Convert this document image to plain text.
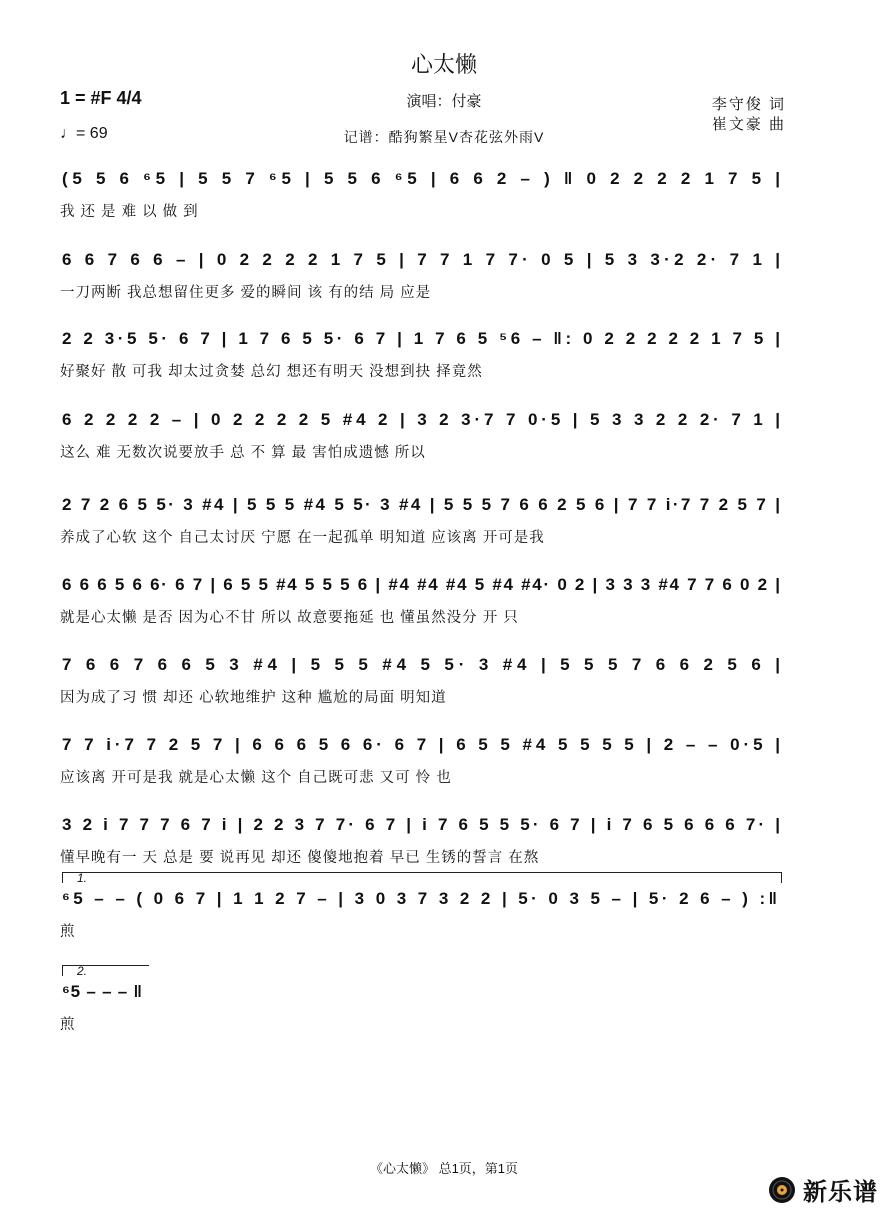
心太懒
演唱：付豪
1 = #F 4/4
♩= 69	记谱：酷狗繁星V杏花弦外雨V
李守俊 词
崔文豪 曲
(5 5 6 ⁶5 | 5 5 7 ⁶5 | 5 5 6 ⁶5 | 6 6 2 – ) ‖ 0 2 2 2 2 1 7 5 |
我 还 是 难 以 做 到
6 6 7 6 6 – | 0 2 2 2 2 1 7 5 | 7 7 1 7 7· 0 5 | 5 3 3·2 2· 7 1 |
一刀两断 我总想留住更多 爱的瞬间 该 有的结 局 应是
2 2 3·5 5· 6 7 | 1 7 6 5 5· 6 7 | 1 7 6 5 ⁵6 – ‖: 0 2 2 2 2 2 1 7 5 |
好聚好 散 可我 却太过贪婪 总幻 想还有明天 没想到抉 择竟然
6 2 2 2 2 – | 0 2 2 2 2 5 #4 2 | 3 2 3·7 7 0·5 | 5 3 3 2 2 2· 7 1 |
这么 难 无数次说要放手 总 不 算 最 害怕成遗憾 所以
2 7 2 6 5 5· 3 #4 | 5 5 5 #4 5 5· 3 #4 | 5 5 5 7 6 6 2 5 6 | 7 7 i·7 7 2 5 7 |
养成了心软 这个 自己太讨厌 宁愿 在一起孤单 明知道 应该离 开可是我
6 6 6 5 6 6· 6 7 | 6 5 5 #4 5 5 5 6 | #4 #4 #4 5 #4 #4· 0 2 | 3 3 3 #4 7 7 6 0 2 |
就是心太懒 是否 因为心不甘 所以 故意要拖延 也 懂虽然没分 开 只
7 6 6 7 6 6 5 3 #4 | 5 5 5 #4 5 5· 3 #4 | 5 5 5 7 6 6 2 5 6 |
因为成了习 惯 却还 心软地维护 这种 尴尬的局面 明知道
7 7 i·7 7 2 5 7 | 6 6 6 5 6 6· 6 7 | 6 5 5 #4 5 5 5 5 | 2 – – 0·5 |
应该离 开可是我 就是心太懒 这个 自己既可悲 又可 怜 也
3 2 i 7 7 7 6 7 i | 2 2 3 7 7· 6 7 | i 7 6 5 5 5· 6 7 | i 7 6 5 6 6 6 7· |
懂早晚有一 天 总是 要 说再见 却还 傻傻地抱着 早已 生锈的誓言 在熬
1.
⁶5 – – ( 0 6 7 | 1 1 2 7 – | 3 0 3 7 3 2 2 | 5· 0 3 5 – | 5· 2 6 – ) :‖
煎
2.
⁶5 – – – ‖
煎
《心太懒》 总1页，第1页
新乐谱
